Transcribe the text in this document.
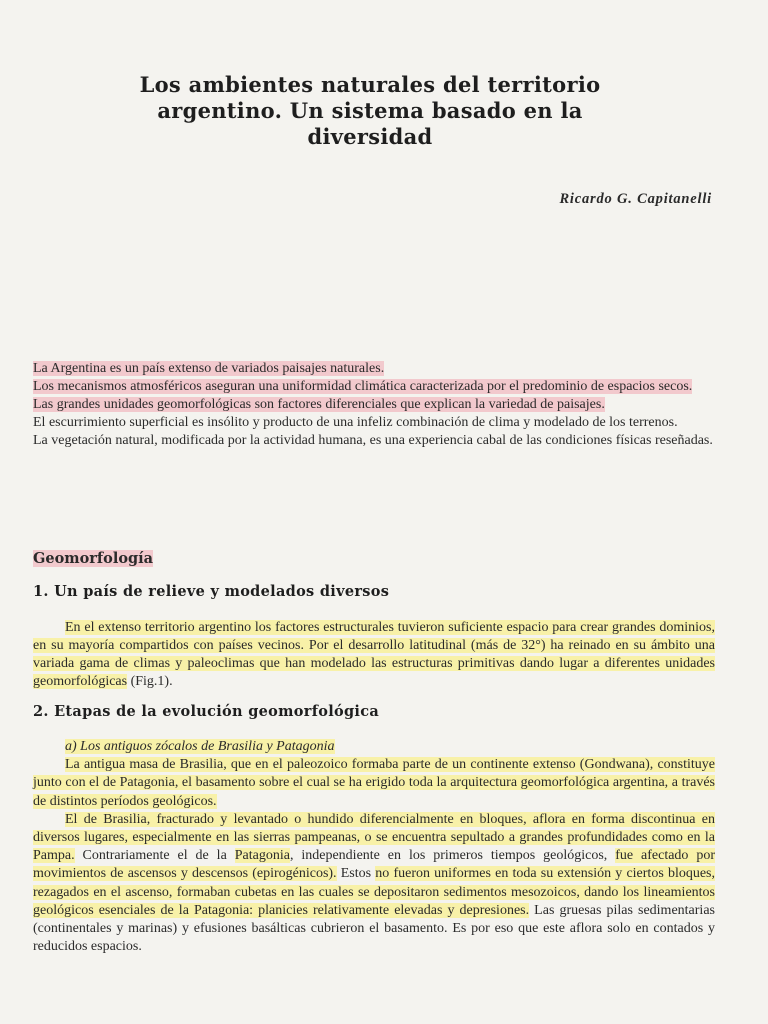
Los ambientes naturales del territorio
argentino. Un sistema basado en la
diversidad
Ricardo G. Capitanelli

La Argentina es un país extenso de variados paisajes naturales.

Los mecanismos atmosféricos aseguran una uniformidad climática caracterizada por el predominio de espacios secos.

Las grandes unidades geomorfológicas son factores diferenciales que explican la variedad de paisajes.

El escurrimiento superficial es insólito y producto de una infeliz combinación de clima y modelado de los terrenos.

La vegetación natural, modificada por la actividad humana, es una experiencia cabal de las condiciones físicas reseñadas.

Geomorfología
1. Un país de relieve y modelados diversos
En el extenso territorio argentino los factores estructurales tuvieron suficiente espacio para crear grandes dominios, en su mayoría compartidos con países vecinos. Por el desarrollo latitudinal (más de 32°) ha reinado en su ámbito una variada gama de climas y paleoclimas que han modelado las estructuras primitivas dando lugar a diferentes unidades geomorfológicas (Fig.1).
2. Etapas de la evolución geomorfológica

a) Los antiguos zócalos de Brasilia y Patagonia

La antigua masa de Brasilia, que en el paleozoico formaba parte de un continente extenso (Gondwana), constituye junto con el de Patagonia, el basamento sobre el cual se ha erigido toda la arquitectura geomorfológica argentina, a través de distintos períodos geológicos.

El de Brasilia, fracturado y levantado o hundido diferencialmente en bloques, aflora en forma discontinua en diversos lugares, especialmente en las sierras pampeanas, o se encuentra sepultado a grandes profundidades como en la Pampa. Contrariamente el de la Patagonia, independiente en los primeros tiempos geológicos, fue afectado por movimientos de ascensos y descensos (epirogénicos). Estos no fueron uniformes en toda su extensión y ciertos bloques, rezagados en el ascenso, formaban cubetas en las cuales se depositaron sedimentos mesozoicos, dando los lineamientos geológicos esenciales de la Patagonia: planicies relativamente elevadas y depresiones. Las gruesas pilas sedimentarias (continentales y marinas) y efusiones basálticas cubrieron el basamento. Es por eso que este aflora solo en contados y reducidos espacios.
